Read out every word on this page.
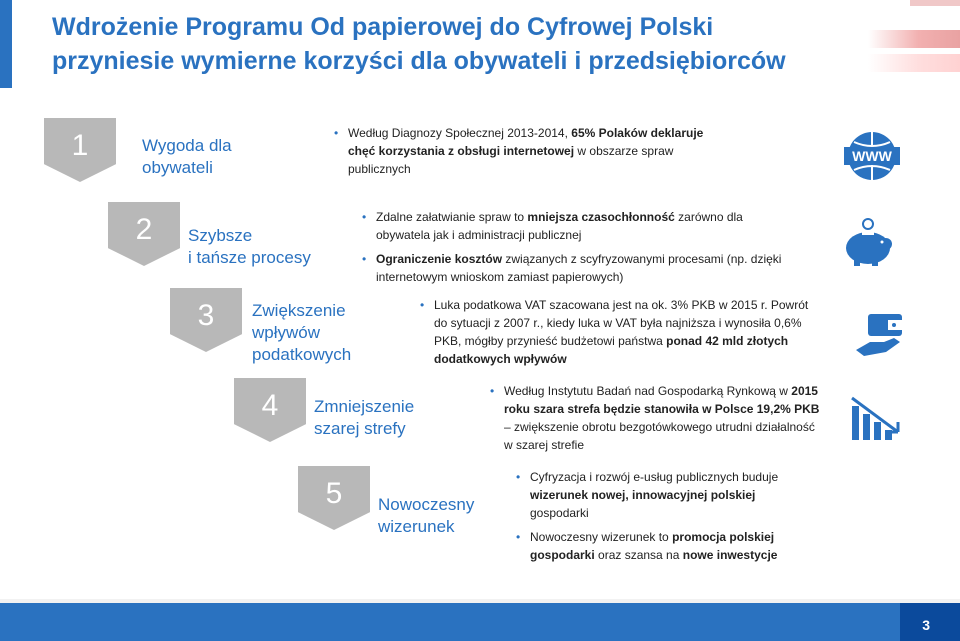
Wdrożenie Programu Od papierowej do Cyfrowej Polski
przyniesie wymierne korzyści dla obywateli i przedsiębiorców
1	Wygoda dla
obywateli
• Według Diagnozy Społecznej 2013-2014, 65% Polaków deklaruje chęć korzystania z obsługi internetowej w obszarze spraw publicznych
WWW
2	Szybsze
i tańsze procesy
• Zdalne załatwianie spraw to mniejsza czasochłonność zarówno dla obywatela jak i administracji publicznej
• Ograniczenie kosztów związanych z scyfryzowanymi procesami (np. dzięki internetowym wnioskom zamiast papierowych)
3	Zwiększenie
wpływów
podatkowych
• Luka podatkowa VAT szacowana jest na ok. 3% PKB w 2015 r. Powrót do sytuacji z 2007 r., kiedy luka w VAT była najniższa i wynosiła 0,6% PKB, mógłby przynieść budżetowi państwa ponad 42 mld złotych dodatkowych wpływów
4	Zmniejszenie
szarej strefy
• Według Instytutu Badań nad Gospodarką Rynkową w 2015 roku szara strefa będzie stanowiła w Polsce 19,2% PKB – zwiększenie obrotu bezgotówkowego utrudni działalność w szarej strefie
5	Nowoczesny
wizerunek
• Cyfryzacja i rozwój e-usług publicznych buduje wizerunek nowej, innowacyjnej polskiej gospodarki
• Nowoczesny wizerunek to promocja polskiej gospodarki oraz szansa na nowe inwestycje
3
